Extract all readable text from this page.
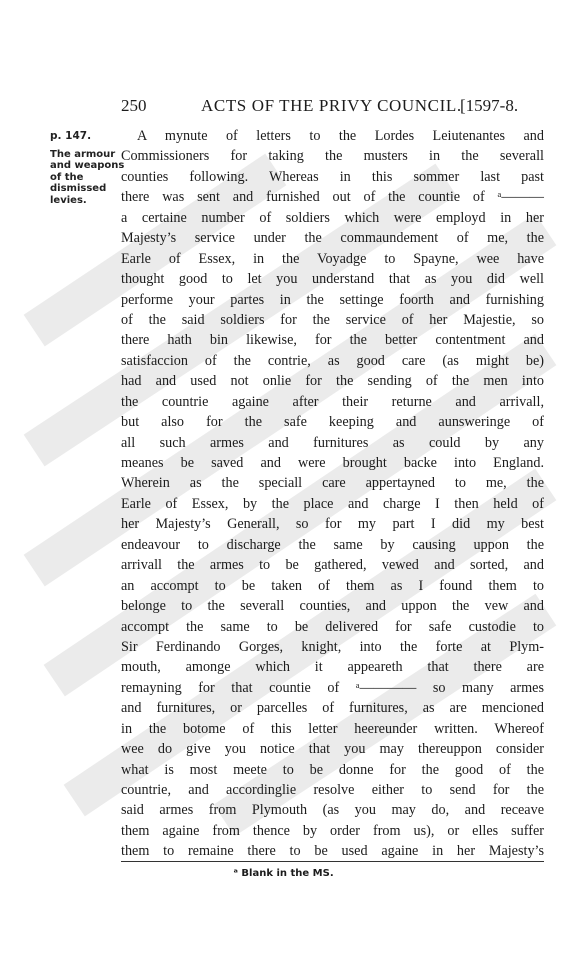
250	ACTS OF THE PRIVY COUNCIL.
[1597-8.
p. 147.
The armour
and weapons
of the
dismissed
levies.
A mynute of letters to the Lordes Leiutenantes and
Commissioners for taking the musters in the severall
counties following. Whereas in this sommer last past
there was sent and furnished out of the countie of ᵃ———
a certaine number of soldiers which were employd in her
Majesty’s service under the commaundement of me, the
Earle of Essex, in the Voyadge to Spayne, wee have
thought good to let you understand that as you did well
performe your partes in the settinge foorth and furnishing
of the said soldiers for the service of her Majestie, so
there hath bin likewise, for the better contentment and
satisfaccion of the contrie, as good care (as might be)
had and used not onlie for the sending of the men into
the countrie againe after their returne and arrivall,
but also for the safe keeping and aunsweringe of
all such armes and furnitures as could by any
meanes be saved and were brought backe into England.
Wherein as the speciall care appertayned to me, the
Earle of Essex, by the place and charge I then held of
her Majesty’s Generall, so for my part I did my best
endeavour to discharge the same by causing uppon the
arrivall the armes to be gathered, vewed and sorted, and
an accompt to be taken of them as I found them to
belonge to the severall counties, and uppon the vew and
accompt the same to be delivered for safe custodie to
Sir Ferdinando Gorges, knight, into the forte at Plym-
mouth, amonge which it appeareth that there are
remayning for that countie of ᵃ———— so many armes
and furnitures, or parcelles of furnitures, as are mencioned
in the botome of this letter heereunder written. Whereof
wee do give you notice that you may thereuppon consider
what is most meete to be donne for the good of the
countrie, and accordinglie resolve either to send for the
said armes from Plymouth (as you may do, and receave
them againe from thence by order from us), or elles suffer
them to remaine there to be used againe in her Majesty’s
ᵃ Blank in the MS.
